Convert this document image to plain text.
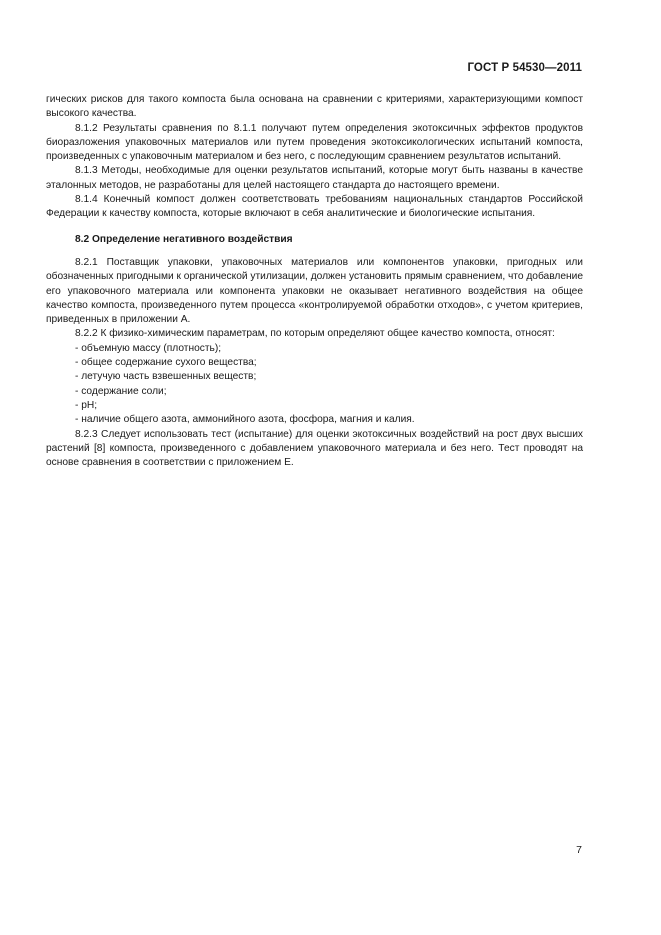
ГОСТ Р 54530—2011

гических рисков для такого компоста была основана на сравнении с критериями, характеризующими компост высокого качества.

8.1.2 Результаты сравнения по 8.1.1 получают путем определения экотоксичных эффектов продуктов биоразложения упаковочных материалов или путем проведения экотоксикологических испытаний компоста, произведенных с упаковочным материалом и без него, с последующим сравнением результатов испытаний.

8.1.3 Методы, необходимые для оценки результатов испытаний, которые могут быть названы в качестве эталонных методов, не разработаны для целей настоящего стандарта до настоящего времени.

8.1.4 Конечный компост должен соответствовать требованиям национальных стандартов Российской Федерации к качеству компоста, которые включают в себя аналитические и биологические испытания.

8.2 Определение негативного воздействия

8.2.1 Поставщик упаковки, упаковочных материалов или компонентов упаковки, пригодных или обозначенных пригодными к органической утилизации, должен установить прямым сравнением, что добавление его упаковочного материала или компонента упаковки не оказывает негативного воздействия на общее качество компоста, произведенного путем процесса «контролируемой обработки отходов», с учетом критериев, приведенных в приложении А.

8.2.2 К физико-химическим параметрам, по которым определяют общее качество компоста, относят:

- объемную массу (плотность);

- общее содержание сухого вещества;

- летучую часть взвешенных веществ;

- содержание соли;

- pH;

- наличие общего азота, аммонийного азота, фосфора, магния и калия.

8.2.3 Следует использовать тест (испытание) для оценки экотоксичных воздействий на рост двух высших растений [8] компоста, произведенного с добавлением упаковочного материала и без него. Тест проводят на основе сравнения в соответствии с приложением Е.

7
